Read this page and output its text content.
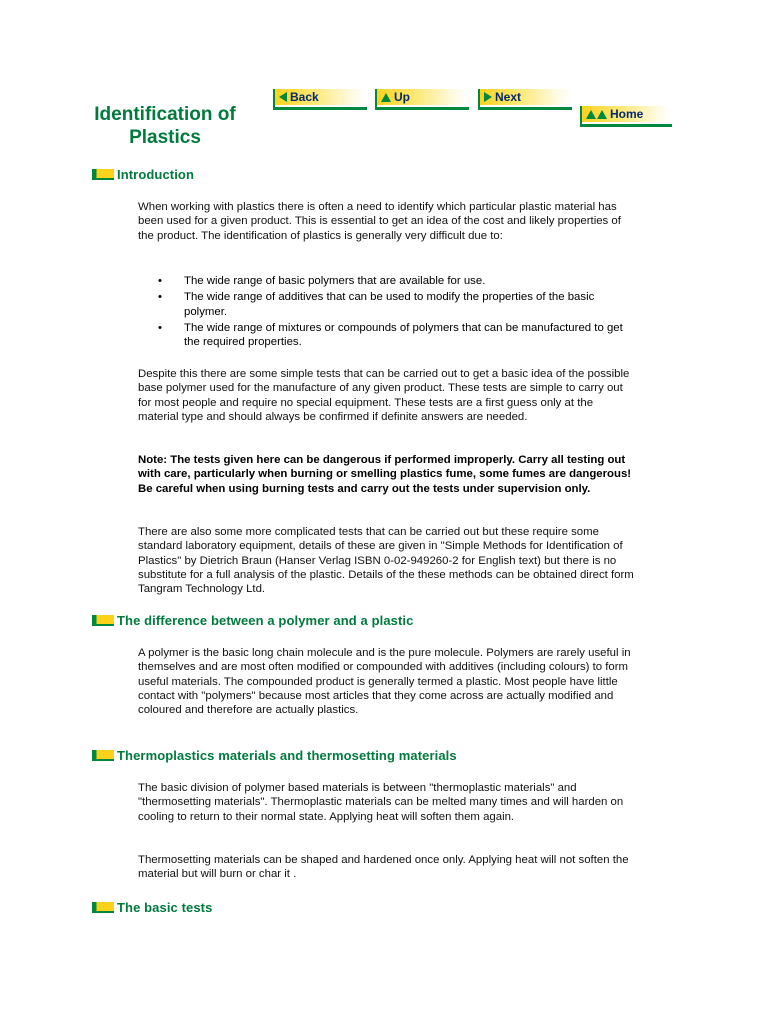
Identification of Plastics
Back	Up	Next
Home
Introduction
When working with plastics there is often a need to identify which particular plastic material has been used for a given product. This is essential to get an idea of the cost and likely properties of the product. The identification of plastics is generally very difficult due to:
• The wide range of basic polymers that are available for use.
• The wide range of additives that can be used to modify the properties of the basic polymer.
• The wide range of mixtures or compounds of polymers that can be manufactured to get the required properties.
Despite this there are some simple tests that can be carried out to get a basic idea of the possible base polymer used for the manufacture of any given product. These tests are simple to carry out for most people and require no special equipment. These tests are a first guess only at the material type and should always be confirmed if definite answers are needed.
Note: The tests given here can be dangerous if performed improperly. Carry all testing out with care, particularly when burning or smelling plastics fume, some fumes are dangerous! Be careful when using burning tests and carry out the tests under supervision only.
There are also some more complicated tests that can be carried out but these require some standard laboratory equipment, details of these are given in "Simple Methods for Identification of Plastics" by Dietrich Braun (Hanser Verlag ISBN 0-02-949260-2 for English text) but there is no substitute for a full analysis of the plastic. Details of the these methods can be obtained direct form Tangram Technology Ltd.
The difference between a polymer and a plastic
A polymer is the basic long chain molecule and is the pure molecule. Polymers are rarely useful in themselves and are most often modified or compounded with additives (including colours) to form useful materials. The compounded product is generally termed a plastic. Most people have little contact with "polymers" because most articles that they come across are actually modified and coloured and therefore are actually plastics.
Thermoplastics materials and thermosetting materials
The basic division of polymer based materials is between "thermoplastic materials" and "thermosetting materials". Thermoplastic materials can be melted many times and will harden on cooling to return to their normal state. Applying heat will soften them again.
Thermosetting materials can be shaped and hardened once only. Applying heat will not soften the material but will burn or char it .
The basic tests
